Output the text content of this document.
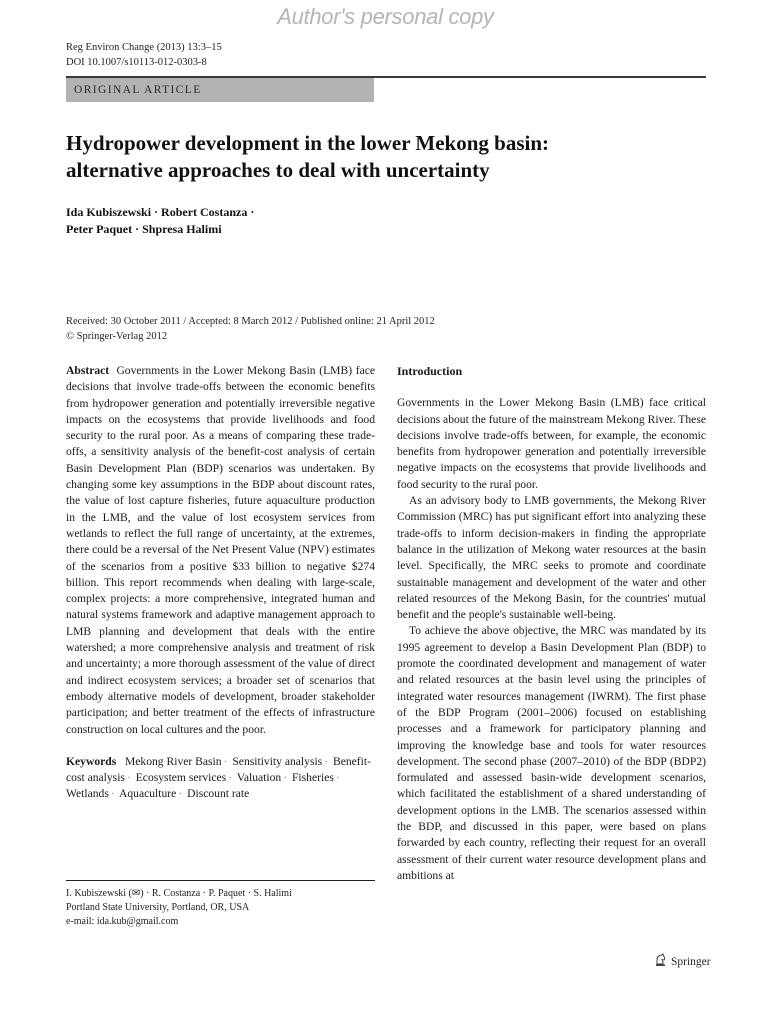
Author's personal copy
Reg Environ Change (2013) 13:3–15
DOI 10.1007/s10113-012-0303-8
ORIGINAL ARTICLE
Hydropower development in the lower Mekong basin:
alternative approaches to deal with uncertainty
Ida Kubiszewski · Robert Costanza ·
Peter Paquet · Shpresa Halimi
Received: 30 October 2011 / Accepted: 8 March 2012 / Published online: 21 April 2012
© Springer-Verlag 2012

Abstract Governments in the Lower Mekong Basin (LMB) face decisions that involve trade-offs between the economic benefits from hydropower generation and potentially irreversible negative impacts on the ecosystems that provide livelihoods and food security to the rural poor. As a means of comparing these trade-offs, a sensitivity analysis of the benefit-cost analysis of certain Basin Development Plan (BDP) scenarios was undertaken. By changing some key assumptions in the BDP about discount rates, the value of lost capture fisheries, future aquaculture production in the LMB, and the value of lost ecosystem services from wetlands to reflect the full range of uncertainty, at the extremes, there could be a reversal of the Net Present Value (NPV) estimates of the scenarios from a positive $33 billion to negative $274 billion. This report recommends when dealing with large-scale, complex projects: a more comprehensive, integrated human and natural systems framework and adaptive management approach to LMB planning and development that deals with the entire watershed; a more comprehensive analysis and treatment of risk and uncertainty; a more thorough assessment of the value of direct and indirect ecosystem services; a broader set of scenarios that embody alternative models of development, broader stakeholder participation; and better treatment of the effects of infrastructure construction on local cultures and the poor.

Keywords Mekong River Basin · Sensitivity analysis · Benefit-cost analysis · Ecosystem services · Valuation · Fisheries · Wetlands · Aquaculture · Discount rate

I. Kubiszewski (✉) · R. Costanza · P. Paquet · S. Halimi
Portland State University, Portland, OR, USA
e-mail: ida.kub@gmail.com
Introduction

Governments in the Lower Mekong Basin (LMB) face critical decisions about the future of the mainstream Mekong River. These decisions involve trade-offs between, for example, the economic benefits from hydropower generation and potentially irreversible negative impacts on the ecosystems that provide livelihoods and food security to the rural poor.

As an advisory body to LMB governments, the Mekong River Commission (MRC) has put significant effort into analyzing these trade-offs to inform decision-makers in finding the appropriate balance in the utilization of Mekong water resources at the basin level. Specifically, the MRC seeks to promote and coordinate sustainable management and development of the water and other related resources of the Mekong Basin, for the countries' mutual benefit and the people's sustainable well-being.

To achieve the above objective, the MRC was mandated by its 1995 agreement to develop a Basin Development Plan (BDP) to promote the coordinated development and management of water and related resources at the basin level using the principles of integrated water resources management (IWRM). The first phase of the BDP Program (2001–2006) focused on establishing processes and a framework for participatory planning and improving the knowledge base and tools for water resources development. The second phase (2007–2010) of the BDP (BDP2) formulated and assessed basin-wide development scenarios, which facilitated the establishment of a shared understanding of development options in the LMB. The scenarios assessed within the BDP, and discussed in this paper, were based on plans forwarded by each country, reflecting their request for an overall assessment of their current water resource development plans and ambitions at

Springer
